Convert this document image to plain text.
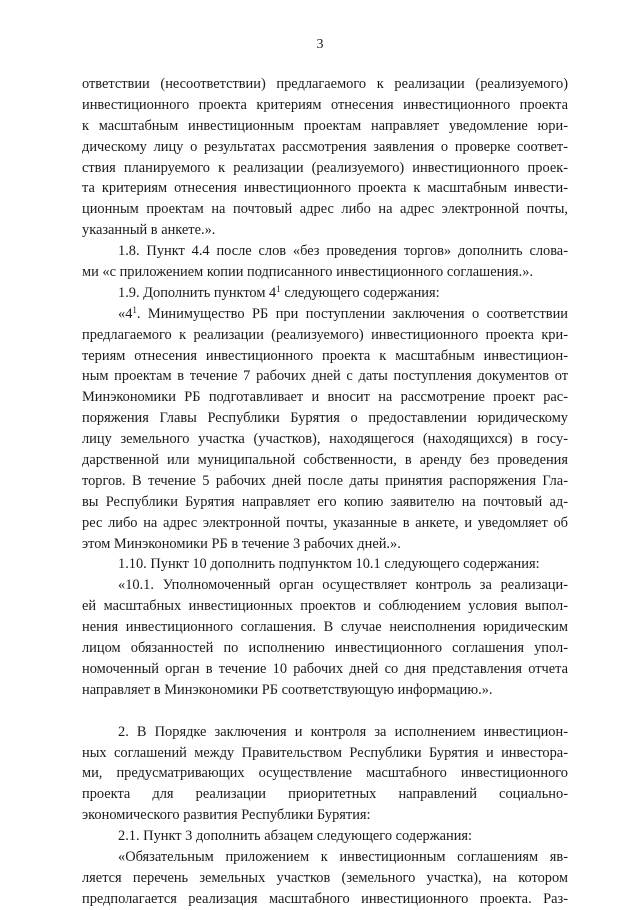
3
ответствии (несоответствии) предлагаемого к реализации (реализуемого)
инвестиционного проекта критериям отнесения инвестиционного проекта
к масштабным инвестиционным проектам направляет уведомление юри-
дическому лицу о результатах рассмотрения заявления о проверке соответ-
ствия планируемого к реализации (реализуемого) инвестиционного проек-
та критериям отнесения инвестиционного проекта к масштабным инвести-
ционным проектам на почтовый адрес либо на адрес электронной почты,
указанный в анкете.».
1.8. Пункт 4.4 после слов «без проведения торгов» дополнить слова-
ми «с приложением копии подписанного инвестиционного соглашения.».
1.9. Дополнить пунктом $4^1$ следующего содержания:
«$4^1$. Минимущество РБ при поступлении заключения о соответствии
предлагаемого к реализации (реализуемого) инвестиционного проекта кри-
териям отнесения инвестиционного проекта к масштабным инвестицион-
ным проектам в течение 7 рабочих дней с даты поступления документов от
Минэкономики РБ подготавливает и вносит на рассмотрение проект рас-
поряжения Главы Республики Бурятия о предоставлении юридическому
лицу земельного участка (участков), находящегося (находящихся) в госу-
дарственной или муниципальной собственности, в аренду без проведения
торгов. В течение 5 рабочих дней после даты принятия распоряжения Гла-
вы Республики Бурятия направляет его копию заявителю на почтовый ад-
рес либо на адрес электронной почты, указанные в анкете, и уведомляет об
этом Минэкономики РБ в течение 3 рабочих дней.».
1.10. Пункт 10 дополнить подпунктом 10.1 следующего содержания:
«10.1. Уполномоченный орган осуществляет контроль за реализаци-
ей масштабных инвестиционных проектов и соблюдением условия выпол-
нения инвестиционного соглашения. В случае неисполнения юридическим
лицом обязанностей по исполнению инвестиционного соглашения упол-
номоченный орган в течение 10 рабочих дней со дня представления отчета
направляет в Минэкономики РБ соответствующую информацию.».
2. В Порядке заключения и контроля за исполнением инвестицион-
ных соглашений между Правительством Республики Бурятия и инвестора-
ми, предусматривающих осуществление масштабного инвестиционного
проекта для реализации приоритетных направлений социально-
экономического развития Республики Бурятия:
2.1. Пункт 3 дополнить абзацем следующего содержания:
«Обязательным приложением к инвестиционным соглашениям яв-
ляется перечень земельных участков (земельного участка), на котором
предполагается реализация масштабного инвестиционного проекта. Раз-
